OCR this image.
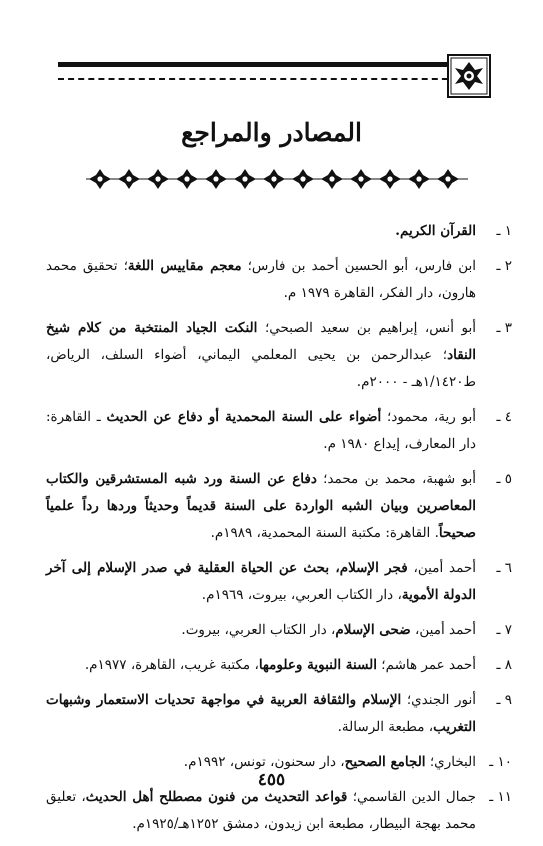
المصادر والمراجع
١ ـ
القرآن الكريم.
٢ ـ
ابن فارس، أبو الحسين أحمد بن فارس؛ معجم مقاييس اللغة؛ تحقيق محمد هارون، دار الفكر، القاهرة ١٩٧٩ م.
٣ ـ
أبو أنس، إبراهيم بن سعيد الصبحي؛ النكت الجياد المنتخبة من كلام شيخ النقاد؛ عبدالرحمن بن يحيى المعلمي اليماني، أضواء السلف، الرياض، ط١/١٤٢٠هـ - ٢٠٠٠م.
٤ ـ
أبو رية، محمود؛ أضواء على السنة المحمدية أو دفاع عن الحديث ـ القاهرة: دار المعارف، إيداع ١٩٨٠ م.
٥ ـ
أبو شهبة، محمد بن محمد؛ دفاع عن السنة ورد شبه المستشرقين والكتاب المعاصرين وبيان الشبه الواردة على السنة قديماً وحديثاً وردها رداً علمياً صحيحاً. القاهرة: مكتبة السنة المحمدية، ١٩٨٩م.
٦ ـ
أحمد أمين، فجر الإسلام، بحث عن الحياة العقلية في صدر الإسلام إلى آخر الدولة الأموية، دار الكتاب العربي، بيروت، ١٩٦٩م.
٧ ـ
أحمد أمين، ضحى الإسلام، دار الكتاب العربي، بيروت.
٨ ـ
أحمد عمر هاشم؛ السنة النبوية وعلومها، مكتبة غريب، القاهرة، ١٩٧٧م.
٩ ـ
أنور الجندي؛ الإسلام والثقافة العربية في مواجهة تحديات الاستعمار وشبهات التغريب، مطبعة الرسالة.
١٠ ـ
البخاري؛ الجامع الصحيح، دار سحنون، تونس، ١٩٩٢م.
١١ ـ
جمال الدين القاسمي؛ قواعد التحديث من فنون مصطلح أهل الحديث، تعليق محمد بهجة البيطار، مطبعة ابن زيدون، دمشق ١٢٥٢هـ/١٩٢٥م.

٤٥٥
